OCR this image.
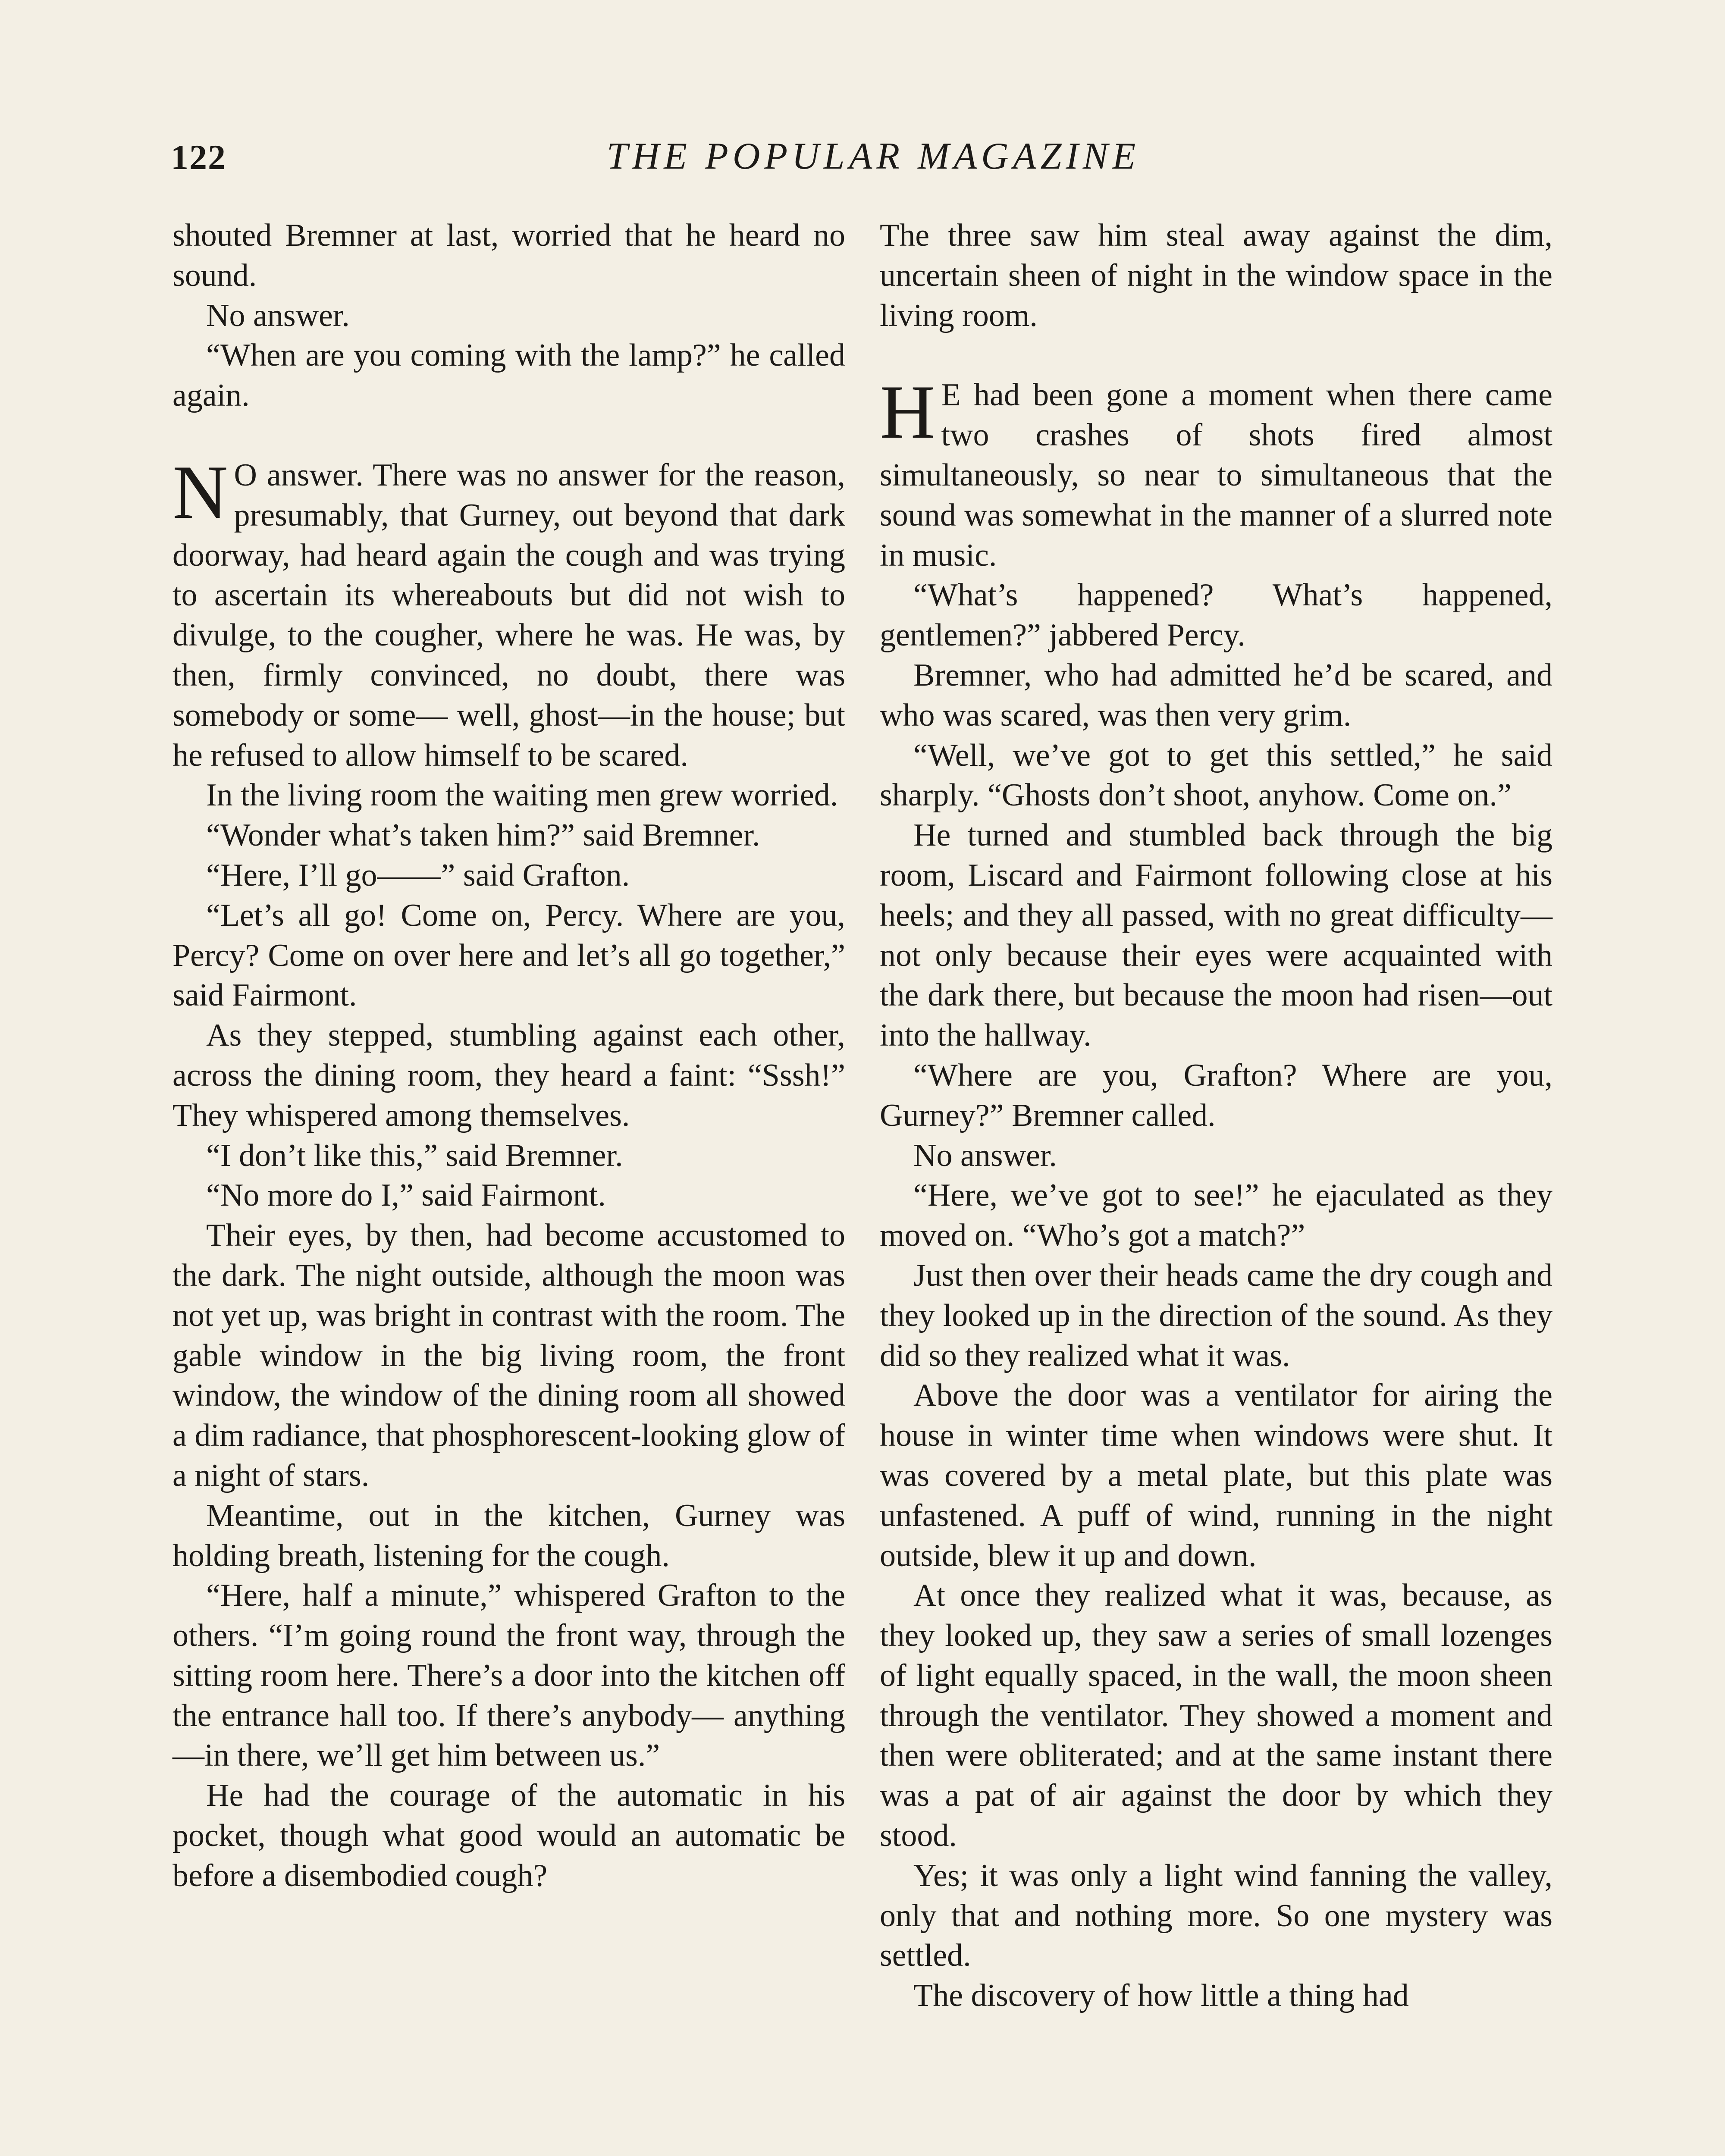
122	THE POPULAR MAGAZINE

shouted Bremner at last, worried that he heard no sound.

No answer.

“When are you coming with the lamp?” he called again.

N O answer. There was no answer for the reason, presumably, that Gurney, out beyond that dark doorway, had heard again the cough and was trying to ascertain its whereabouts but did not wish to divulge, to the cougher, where he was. He was, by then, firmly convinced, no doubt, there was somebody or some— well, ghost—in the house; but he refused to allow himself to be scared.

In the living room the waiting men grew worried.

“Wonder what’s taken him?” said Bremner.

“Here, I’ll go——” said Grafton.

“Let’s all go! Come on, Percy. Where are you, Percy? Come on over here and let’s all go together,” said Fairmont.

As they stepped, stumbling against each other, across the dining room, they heard a faint: “Sssh!” They whispered among themselves.

“I don’t like this,” said Bremner.

“No more do I,” said Fairmont.

Their eyes, by then, had become accustomed to the dark. The night outside, although the moon was not yet up, was bright in contrast with the room. The gable window in the big living room, the front window, the window of the dining room all showed a dim radiance, that phosphorescent-looking glow of a night of stars.

Meantime, out in the kitchen, Gurney was holding breath, listening for the cough.

“Here, half a minute,” whispered Grafton to the others. “I’m going round the front way, through the sitting room here. There’s a door into the kitchen off the entrance hall too. If there’s anybody— anything—in there, we’ll get him between us.”

He had the courage of the automatic in his pocket, though what good would an automatic be before a disembodied cough?

The three saw him steal away against the dim, uncertain sheen of night in the window space in the living room.

H E had been gone a moment when there came two crashes of shots fired almost simultaneously, so near to simultaneous that the sound was somewhat in the manner of a slurred note in music.

“What’s happened? What’s happened, gentlemen?” jabbered Percy.

Bremner, who had admitted he’d be scared, and who was scared, was then very grim.

“Well, we’ve got to get this settled,” he said sharply. “Ghosts don’t shoot, anyhow. Come on.”

He turned and stumbled back through the big room, Liscard and Fairmont following close at his heels; and they all passed, with no great difficulty—not only because their eyes were acquainted with the dark there, but because the moon had risen—out into the hallway.

“Where are you, Grafton? Where are you, Gurney?” Bremner called.

No answer.

“Here, we’ve got to see!” he ejaculated as they moved on. “Who’s got a match?”

Just then over their heads came the dry cough and they looked up in the direction of the sound. As they did so they realized what it was.

Above the door was a ventilator for airing the house in winter time when windows were shut. It was covered by a metal plate, but this plate was unfastened. A puff of wind, running in the night outside, blew it up and down.

At once they realized what it was, because, as they looked up, they saw a series of small lozenges of light equally spaced, in the wall, the moon sheen through the ventilator. They showed a moment and then were obliterated; and at the same instant there was a pat of air against the door by which they stood.

Yes; it was only a light wind fanning the valley, only that and nothing more. So one mystery was settled.

The discovery of how little a thing had
